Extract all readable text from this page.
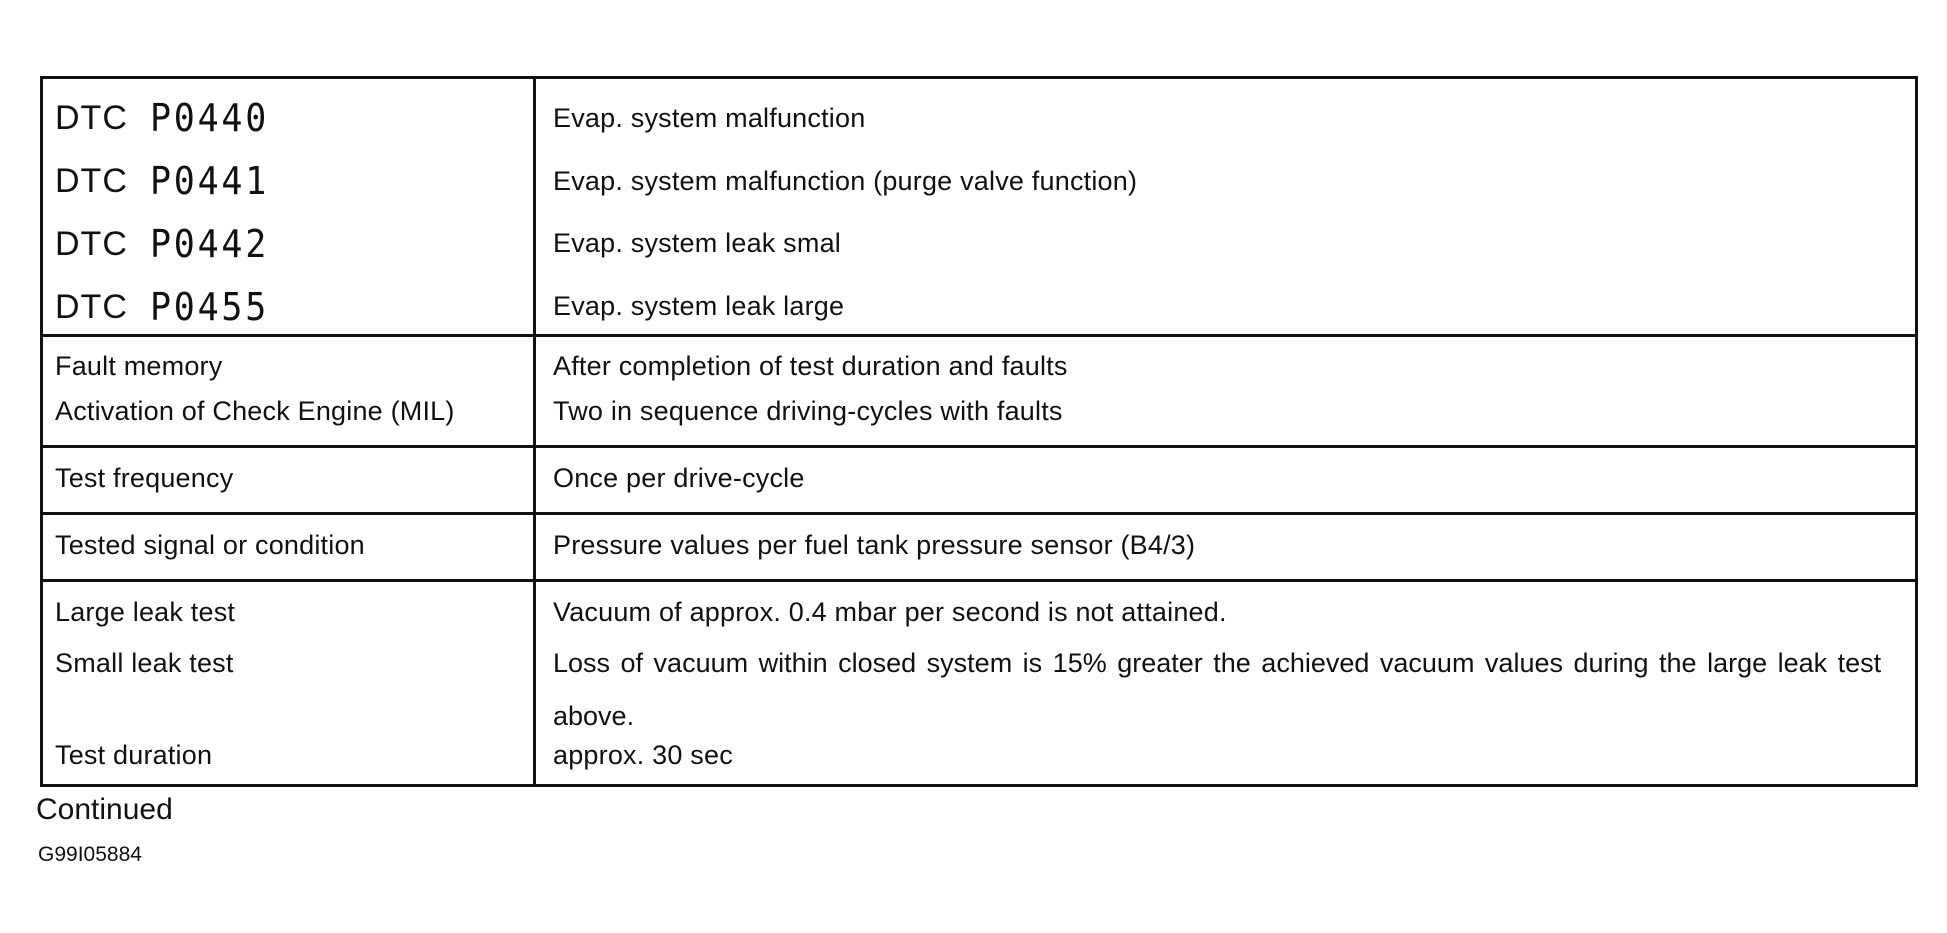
DTC P0440	Evap. system malfunction
DTC P0441	Evap. system malfunction (purge valve function)
DTC P0442	Evap. system leak smal
DTC P0455	Evap. system leak large
Fault memory	After completion of test duration and faults
Activation of Check Engine (MIL)	Two in sequence driving-cycles with faults
Test frequency	Once per drive-cycle
Tested signal or condition	Pressure values per fuel tank pressure sensor (B4/3)
Large leak test	Vacuum of approx. 0.4 mbar per second is not attained.
Small leak test	Loss of vacuum within closed system is 15% greater the achieved vacuum values during the large leak test above.
Test duration	approx. 30 sec
Continued
G99I05884
